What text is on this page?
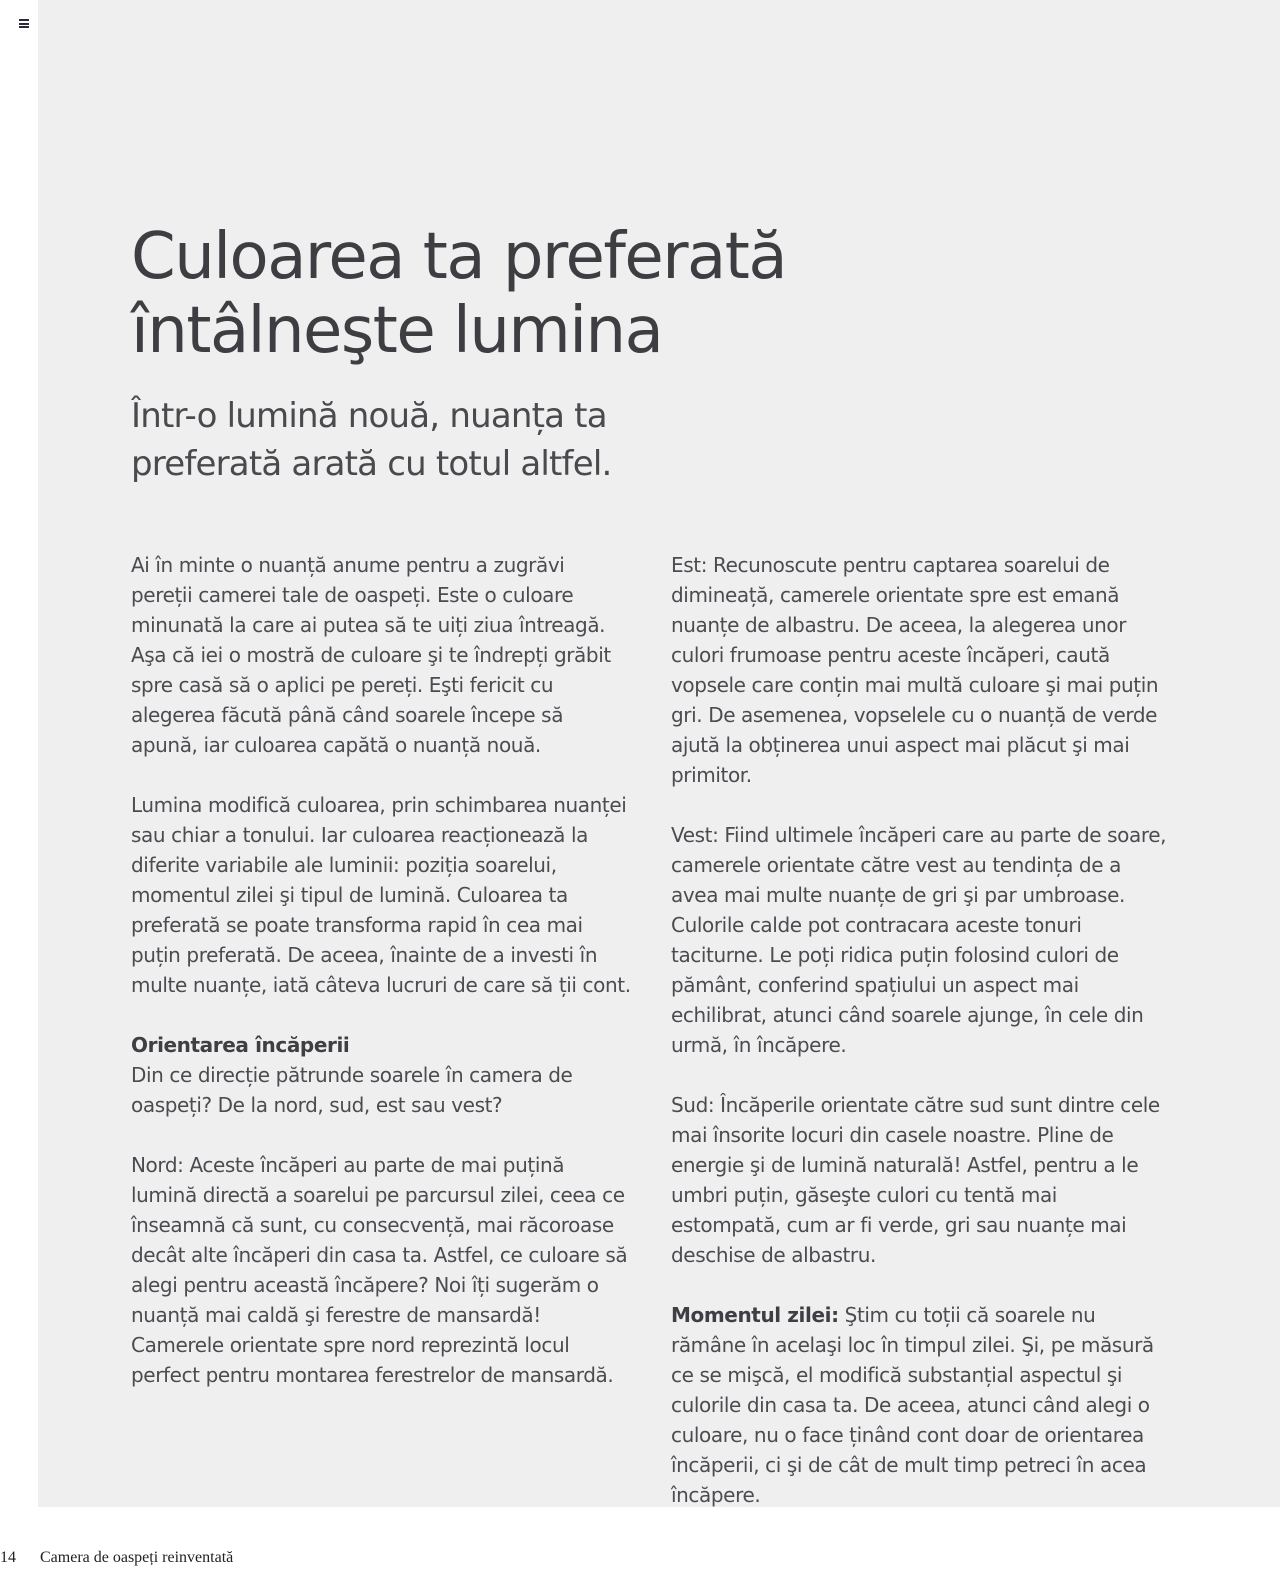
Culoarea ta preferată
întâlneşte lumina
Într-o lumină nouă, nuanța ta
preferată arată cu totul altfel.

Ai în minte o nuanță anume pentru a zugrăvi pereții camerei tale de oaspeți. Este o culoare minunată la care ai putea să te uiți ziua întreagă. Aşa că iei o mostră de culoare şi te îndrepți grăbit spre casă să o aplici pe pereți. Eşti fericit cu alegerea făcută până când soarele începe să apună, iar culoarea capătă o nuanță nouă.

Lumina modifică culoarea, prin schimbarea nuanței sau chiar a tonului. Iar culoarea reacționează la diferite variabile ale luminii: poziția soarelui, momentul zilei şi tipul de lumină. Culoarea ta preferată se poate transforma rapid în cea mai puțin preferată. De aceea, înainte de a investi în multe nuanțe, iată câteva lucruri de care să ții cont.

Orientarea încăperii
Din ce direcție pătrunde soarele în camera de oaspeți? De la nord, sud, est sau vest?

Nord: Aceste încăperi au parte de mai puțină lumină directă a soarelui pe parcursul zilei, ceea ce înseamnă că sunt, cu consecvență, mai răcoroase decât alte încăperi din casa ta. Astfel, ce culoare să alegi pentru această încăpere? Noi îți sugerăm o nuanță mai caldă şi ferestre de mansardă! Camerele orientate spre nord reprezintă locul perfect pentru montarea ferestrelor de mansardă.

Est: Recunoscute pentru captarea soarelui de dimineață, camerele orientate spre est emană nuanțe de albastru. De aceea, la alegerea unor culori frumoase pentru aceste încăperi, caută vopsele care conțin mai multă culoare şi mai puțin gri. De asemenea, vopselele cu o nuanță de verde ajută la obținerea unui aspect mai plăcut şi mai primitor.

Vest: Fiind ultimele încăperi care au parte de soare, camerele orientate către vest au tendința de a avea mai multe nuanțe de gri şi par umbroase. Culorile calde pot contracara aceste tonuri taciturne. Le poți ridica puțin folosind culori de pământ, conferind spațiului un aspect mai echilibrat, atunci când soarele ajunge, în cele din urmă, în încăpere.

Sud: Încăperile orientate către sud sunt dintre cele mai însorite locuri din casele noastre. Pline de energie şi de lumină naturală! Astfel, pentru a le umbri puțin, găseşte culori cu tentă mai estompată, cum ar fi verde, gri sau nuanțe mai deschise de albastru.

Momentul zilei: Ştim cu toții că soarele nu rămâne în acelaşi loc în timpul zilei. Şi, pe măsură ce se mişcă, el modifică substanțial aspectul şi culorile din casa ta. De aceea, atunci când alegi o culoare, nu o face ținând cont doar de orientarea încăperii, ci şi de cât de mult timp petreci în acea încăpere.

14 Camera de oaspeți reinventată
